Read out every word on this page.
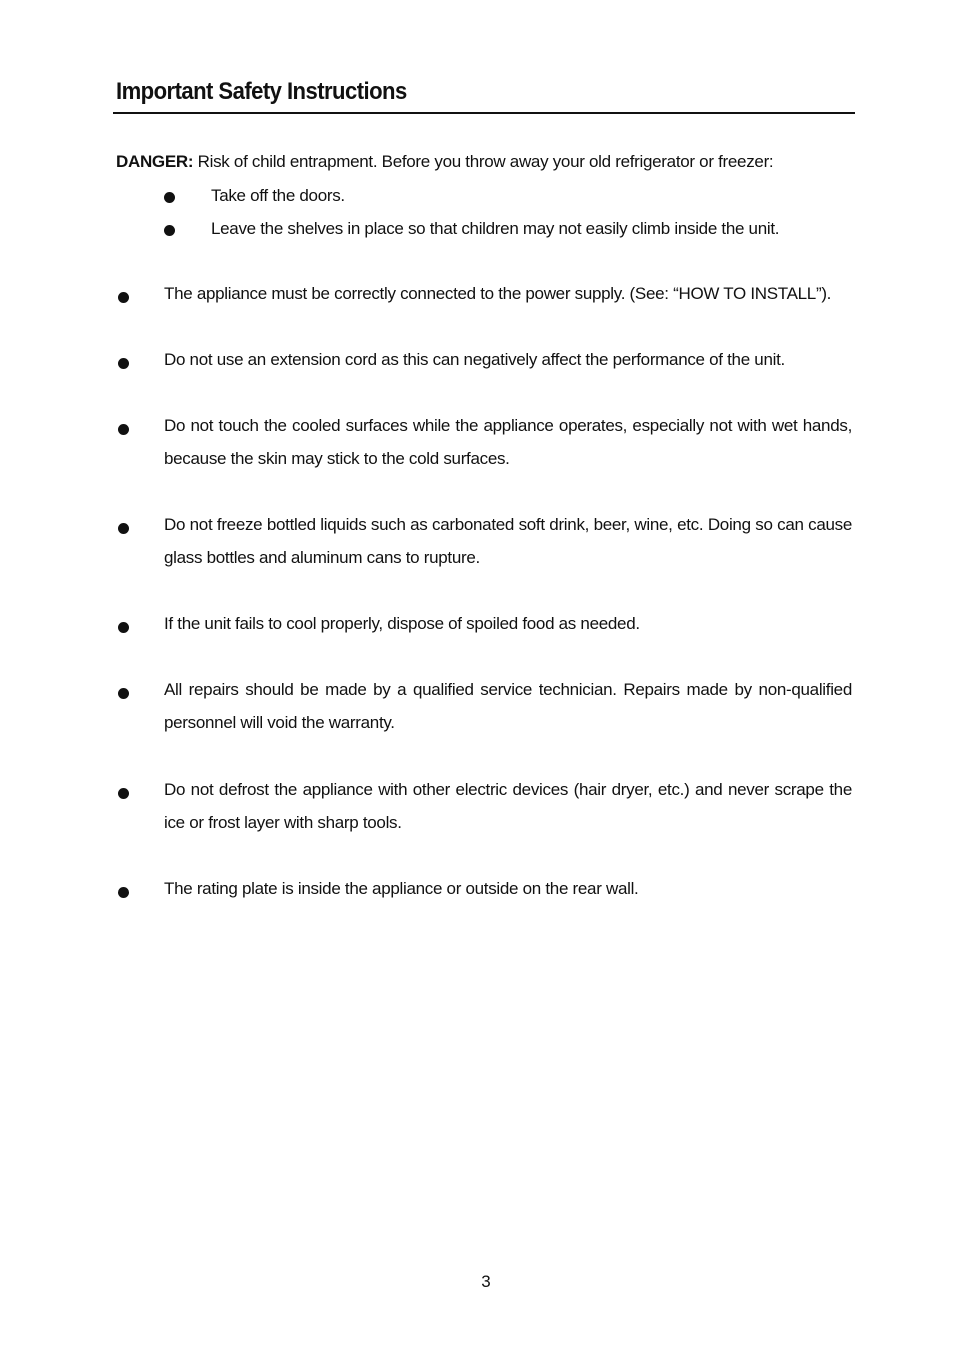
Important Safety Instructions
DANGER: Risk of child entrapment. Before you throw away your old refrigerator or freezer:
Take off the doors.
Leave the shelves in place so that children may not easily climb inside the unit.
The appliance must be correctly connected to the power supply. (See: “HOW TO INSTALL”).
Do not use an extension cord as this can negatively affect the performance of the unit.
Do not touch the cooled surfaces while the appliance operates, especially not with wet hands, because the skin may stick to the cold surfaces.
Do not freeze bottled liquids such as carbonated soft drink, beer, wine, etc. Doing so can cause glass bottles and aluminum cans to rupture.
If the unit fails to cool properly, dispose of spoiled food as needed.
All repairs should be made by a qualified service technician. Repairs made by non-qualified personnel will void the warranty.
Do not defrost the appliance with other electric devices (hair dryer, etc.) and never scrape the ice or frost layer with sharp tools.
The rating plate is inside the appliance or outside on the rear wall.
3
